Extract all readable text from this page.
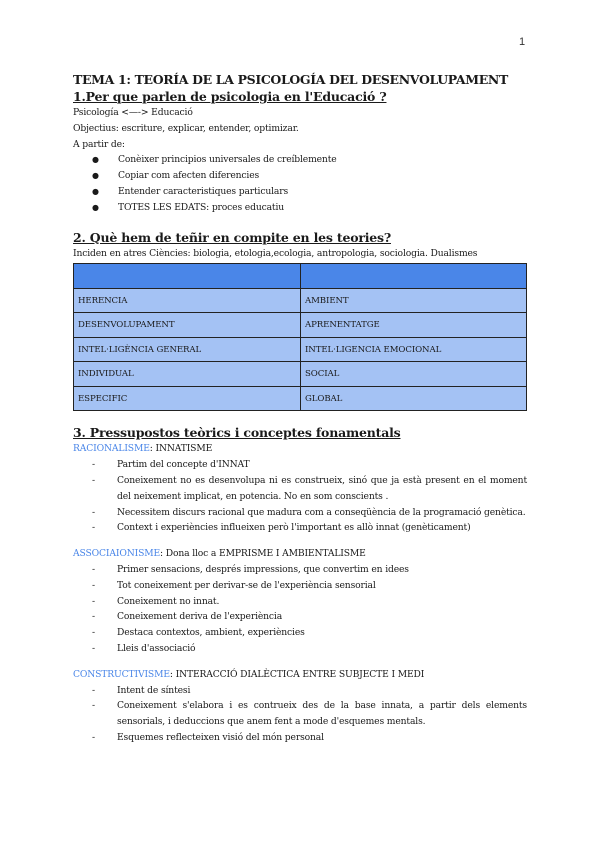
1
TEMA 1: TEORÍA DE LA PSICOLOGÍA DEL DESENVOLUPAMENT
1.Per que parlen de psicologia en l'Educació ?

Psicología <—-> Educació

Objectius: escriture, explicar, entender, optimizar.

A partir de:

● Conèixer principios universales de creíblemente
● Copiar com afecten diferencies
● Entender caracteristiques particulars
● TOTES LES EDATS: proces educatiu
2. Què hem de teñir en compite en les teories?

Inciden en atres Ciències: biologia, etologia,ecologia, antropologia, sociologia. Dualismes

HERENCIA	AMBIENT
DESENVOLUPAMENT	APRENENTATGE
INTEL·LIGÈNCIA GENERAL	INTEL·LIGENCIA EMOCIONAL
INDIVIDUAL	SOCIAL
ESPECIFIC	GLOBAL
3. Pressupostos teòrics i conceptes fonamentals

RACIONALISME: INNATISME

- Partim del concepte d'INNAT
- Coneixement no es desenvolupa ni es construeix, sinó que ja està present en el moment del neixement implicat, en potencia. No en som conscients .
- Necessitem discurs racional que madura com a conseqüència de la programació genètica.
- Context i experiències influeixen però l'important es allò innat (genèticament)

ASSOCIAIONISME: Dona lloc a EMPRISME I AMBIENTALISME

- Primer sensacions, després impressions, que convertim en idees
- Tot coneixement per derivar-se de l'experiència sensorial
- Coneixement no innat.
- Coneixement deriva de l'experiència
- Destaca contextos, ambient, experiències
- Lleis d'associació

CONSTRUCTIVISME: INTERACCIÓ DIALÈCTICA ENTRE SUBJECTE I MEDI

- Intent de síntesi
- Coneixement s'elabora i es contrueix des de la base innata, a partir dels elements sensorials, i deduccions que anem fent a mode d'esquemes mentals.
- Esquemes reflecteixen visió del món personal
